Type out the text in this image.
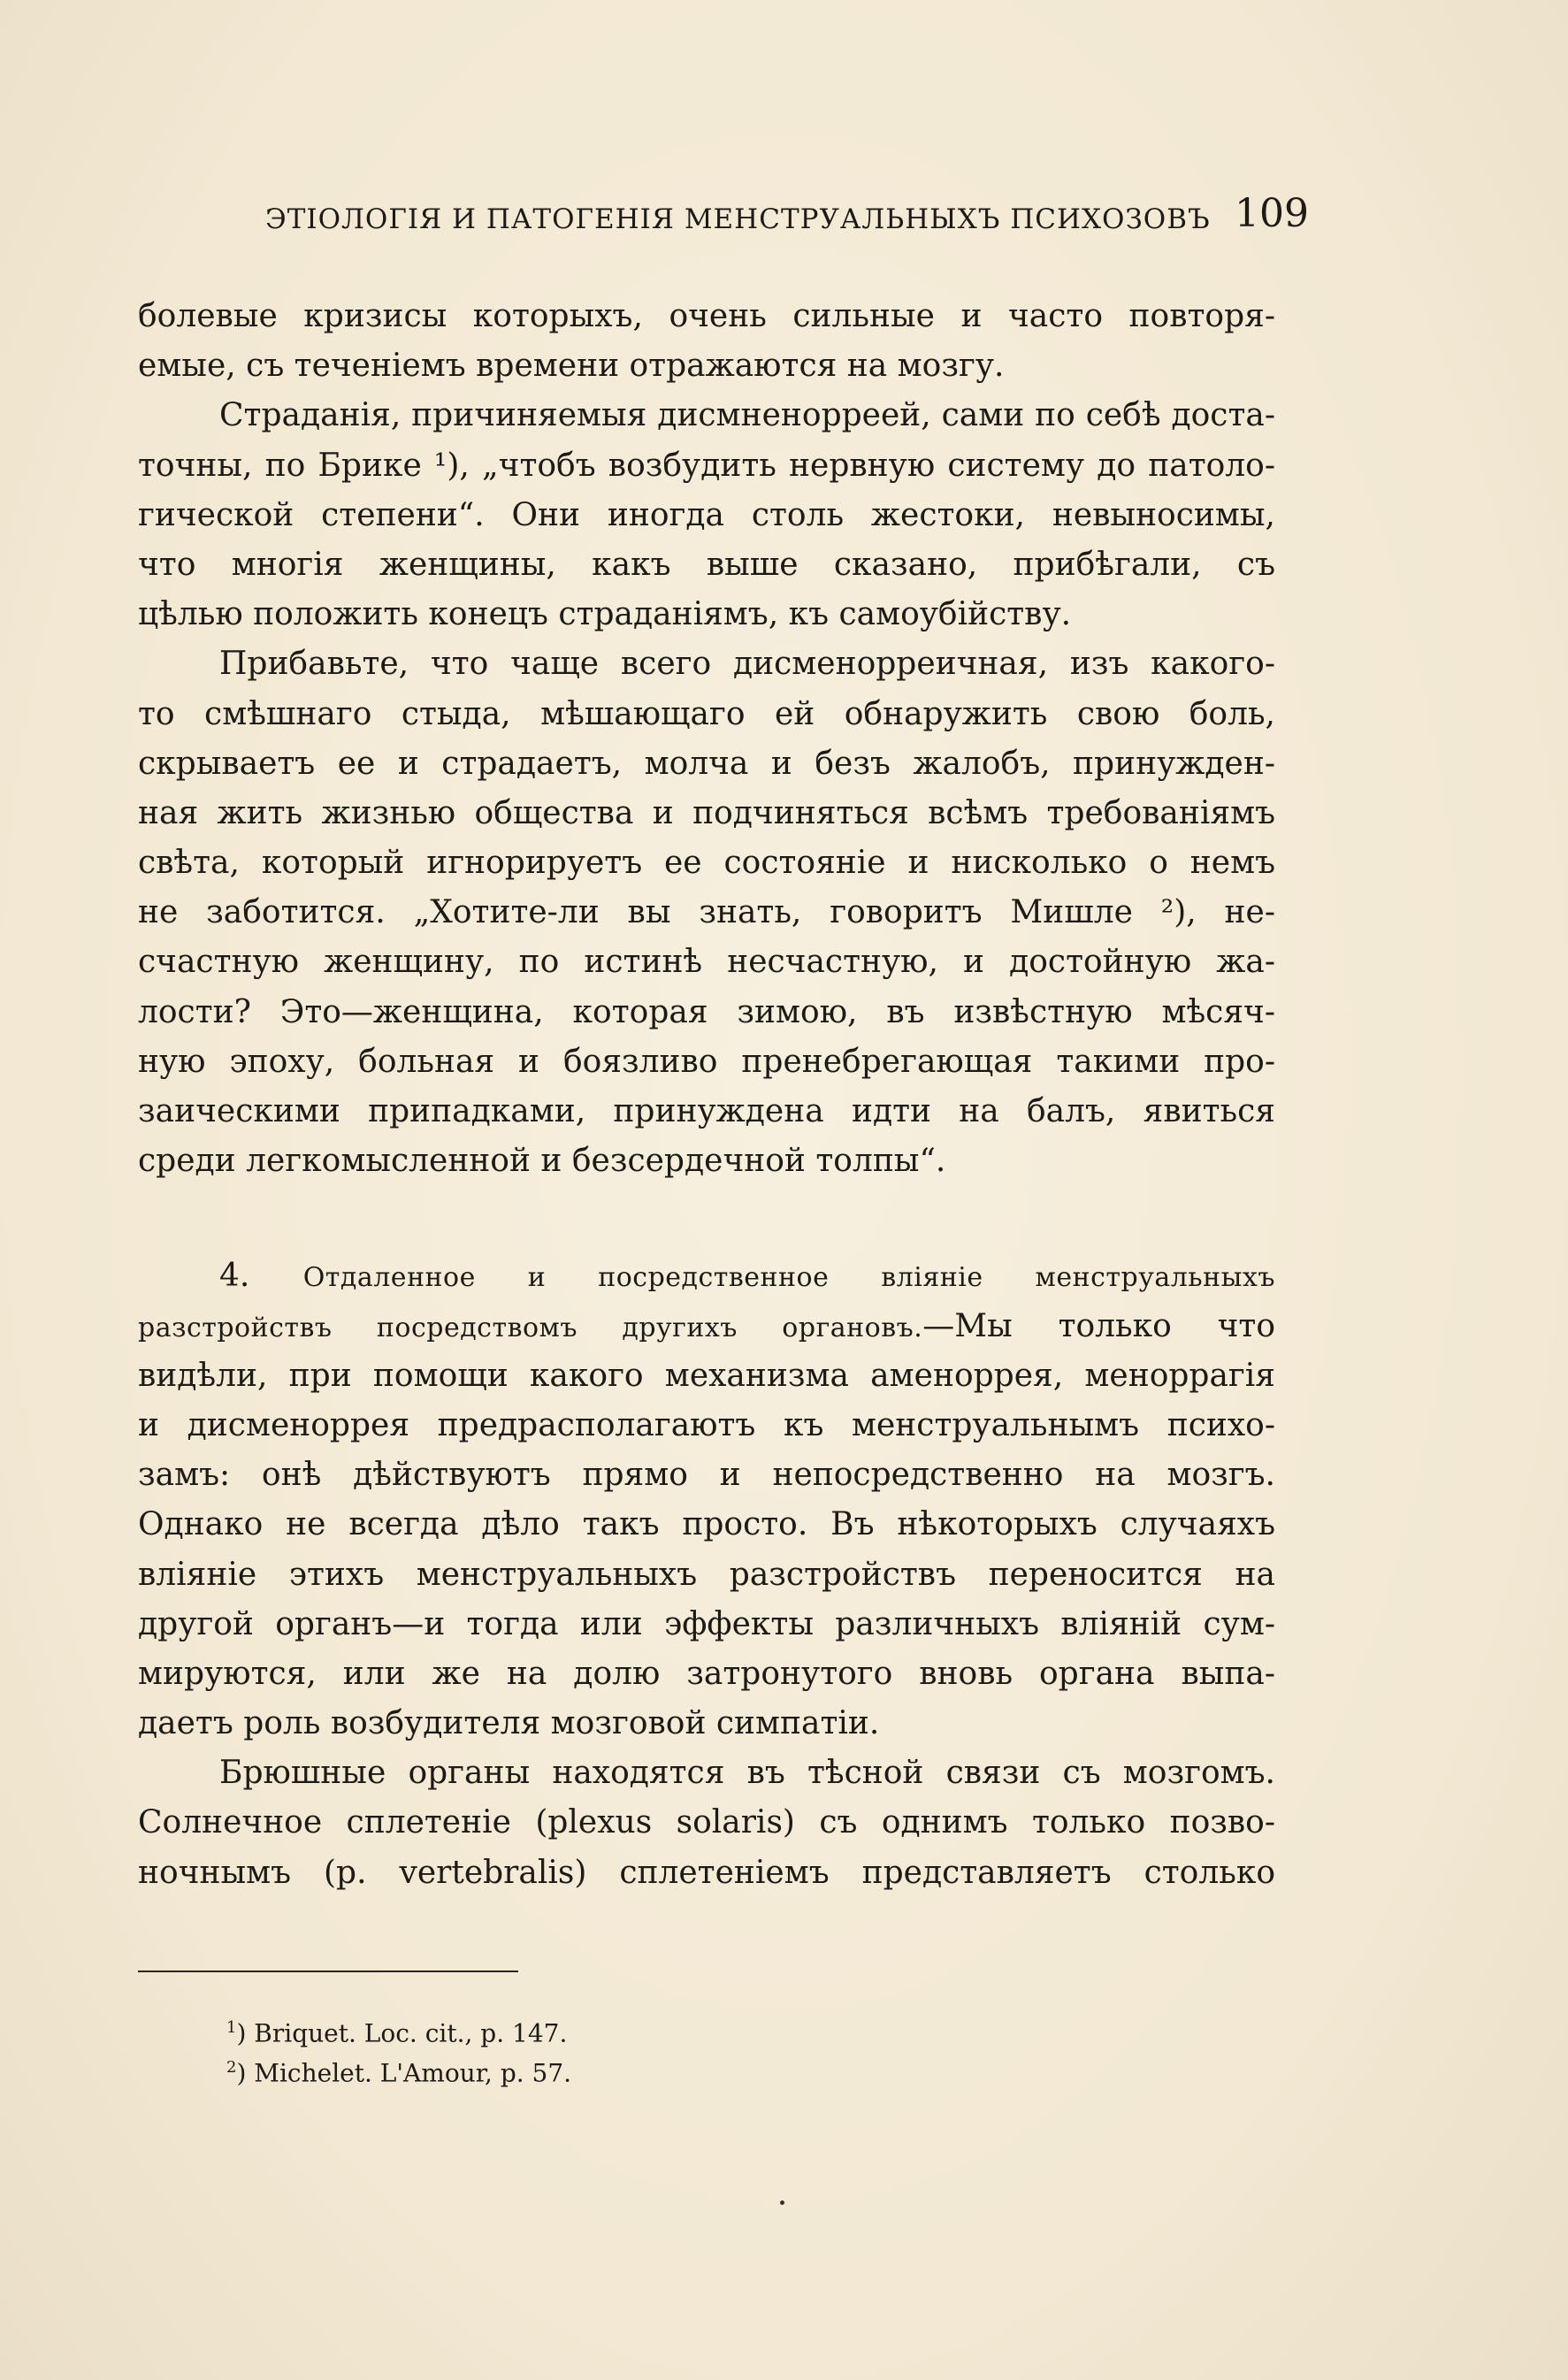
ЭТІОЛОГІЯ И ПАТОГЕНІЯ МЕНСТРУАЛЬНЫХЪ ПСИХОЗОВЪ 109
болевые кризисы которыхъ, очень сильные и часто повторя-
емые, съ теченіемъ времени отражаются на мозгу.
Страданія, причиняемыя дисмненорреей, сами по себѣ доста-
точны, по Брике ¹), „чтобъ возбудить нервную систему до патоло-
гической степени“. Они иногда столь жестоки, невыносимы,
что многія женщины, какъ выше сказано, прибѣгали, съ
цѣлью положить конецъ страданіямъ, къ самоубійству.
Прибавьте, что чаще всего дисменорреичная, изъ какого-
то смѣшнаго стыда, мѣшающаго ей обнаружить свою боль,
скрываетъ ее и страдаетъ, молча и безъ жалобъ, принужден-
ная жить жизнью общества и подчиняться всѣмъ требованіямъ
свѣта, который игнорируетъ ее состояніе и нисколько о немъ
не заботится. „Хотите-ли вы знать, говоритъ Мишле ²), не-
счастную женщину, по истинѣ несчастную, и достойную жа-
лости? Это—женщина, которая зимою, въ извѣстную мѣсяч-
ную эпоху, больная и боязливо пренебрегающая такими про-
заическими припадками, принуждена идти на балъ, явиться
среди легкомысленной и безсердечной толпы“.
4. Отдаленное и посредственное вліяніе менструальныхъ
разстройствъ посредствомъ другихъ органовъ.—Мы только что
видѣли, при помощи какого механизма аменоррея, меноррагія
и дисменоррея предрасполагаютъ къ менструальнымъ психо-
замъ: онѣ дѣйствуютъ прямо и непосредственно на мозгъ.
Однако не всегда дѣло такъ просто. Въ нѣкоторыхъ случаяхъ
вліяніе этихъ менструальныхъ разстройствъ переносится на
другой органъ—и тогда или эффекты различныхъ вліяній сум-
мируются, или же на долю затронутого вновь органа выпа-
даетъ роль возбудителя мозговой симпатіи.
Брюшные органы находятся въ тѣсной связи съ мозгомъ.
Солнечное сплетеніе (plexus solaris) съ однимъ только позво-
ночнымъ (p. vertebralis) сплетеніемъ представляетъ столько
$^1$) Briquet. Loc. cit., p. 147.
$^2$) Michelet. L'Amour, p. 57.
